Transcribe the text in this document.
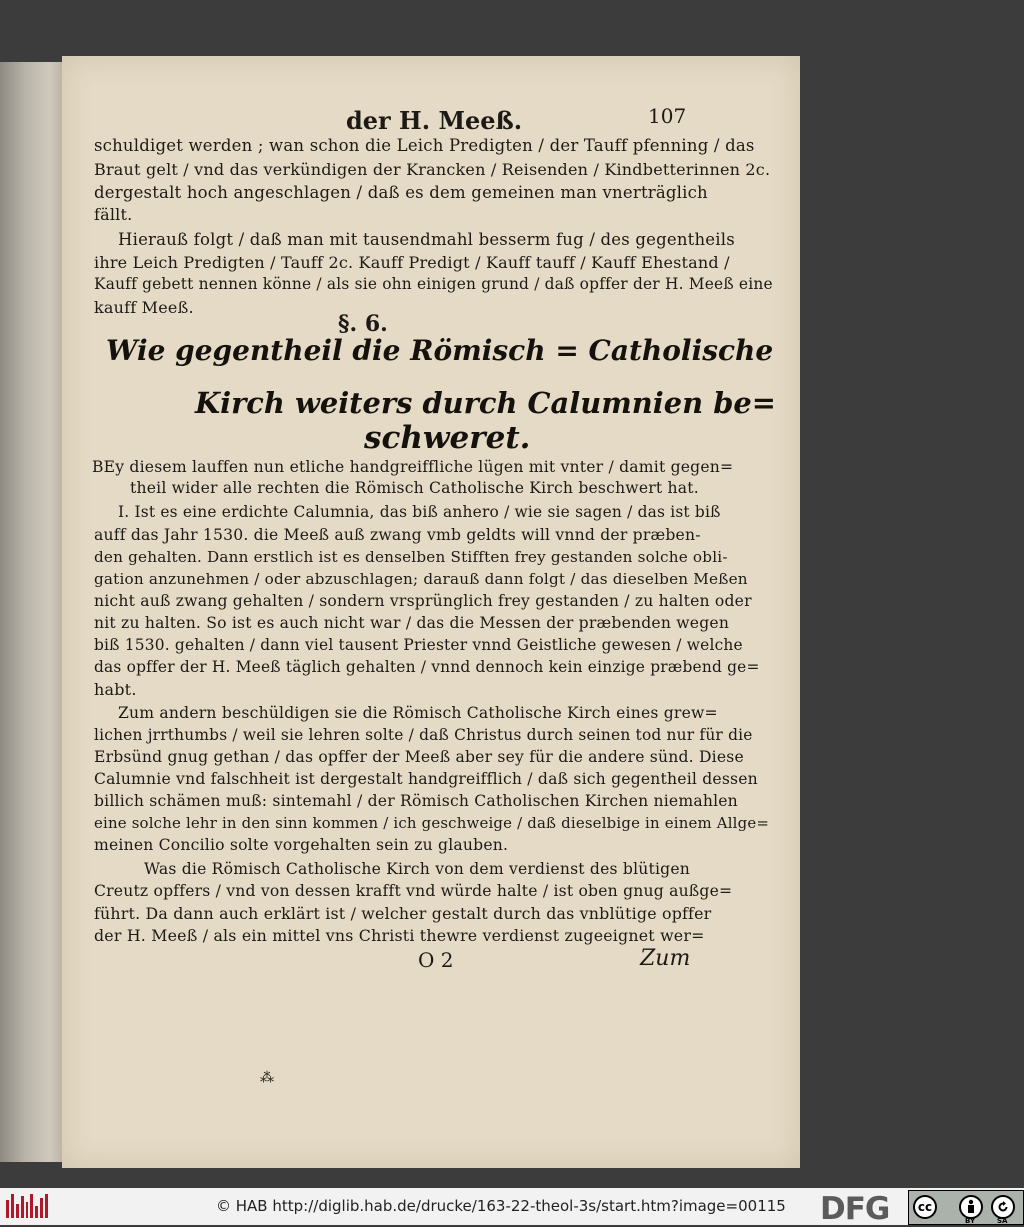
der H. Meeß.	107
schuldiget werden ; wan schon die Leich Predigten / der Tauff pfenning / das
Braut gelt / vnd das verkündigen der Krancken / Reisenden / Kindbetterinnen 2c.
dergestalt hoch angeschlagen / daß es dem gemeinen man vnerträglich
fällt.
Hierauß folgt / daß man mit tausendmahl besserm fug / des gegentheils
ihre Leich Predigten / Tauff 2c. Kauff Predigt / Kauff tauff / Kauff Ehestand /
Kauff gebett nennen könne / als sie ohn einigen grund / daß opffer der H. Meeß eine
kauff Meeß.
§. 6.
Wie gegentheil die Römisch = Catholische
Kirch weiters durch Calumnien be=
schweret.
BEy diesem lauffen nun etliche handgreiffliche lügen mit vnter / damit gegen=
theil wider alle rechten die Römisch Catholische Kirch beschwert hat.
I. Ist es eine erdichte Calumnia, das biß anhero / wie sie sagen / das ist biß
auff das Jahr 1530. die Meeß auß zwang vmb geldts will vnnd der præben-
den gehalten. Dann erstlich ist es denselben Stifften frey gestanden solche obli-
gation anzunehmen / oder abzuschlagen; darauß dann folgt / das dieselben Meßen
nicht auß zwang gehalten / sondern vrsprünglich frey gestanden / zu halten oder
nit zu halten. So ist es auch nicht war / das die Messen der præbenden wegen
biß 1530. gehalten / dann viel tausent Priester vnnd Geistliche gewesen / welche
das opffer der H. Meeß täglich gehalten / vnnd dennoch kein einzige præbend ge=
habt.
Zum andern beschüldigen sie die Römisch Catholische Kirch eines grew=
lichen jrrthumbs / weil sie lehren solte / daß Christus durch seinen tod nur für die
Erbsünd gnug gethan / das opffer der Meeß aber sey für die andere sünd. Diese
Calumnie vnd falschheit ist dergestalt handgreifflich / daß sich gegentheil dessen
billich schämen muß: sintemahl / der Römisch Catholischen Kirchen niemahlen
eine solche lehr in den sinn kommen / ich geschweige / daß dieselbige in einem Allge=
meinen Concilio solte vorgehalten sein zu glauben.
Was die Römisch Catholische Kirch von dem verdienst des blütigen
Creutz opffers / vnd von dessen krafft vnd würde halte / ist oben gnug außge=
führt. Da dann auch erklärt ist / welcher gestalt durch das vnblütige opffer
der H. Meeß / als ein mittel vns Christi thewre verdienst zugeeignet wer=
O 2	Zum
⁂
© HAB http://diglib.hab.de/drucke/163-22-theol-3s/start.htm?image=00115 DFG	cc
BY	SA
